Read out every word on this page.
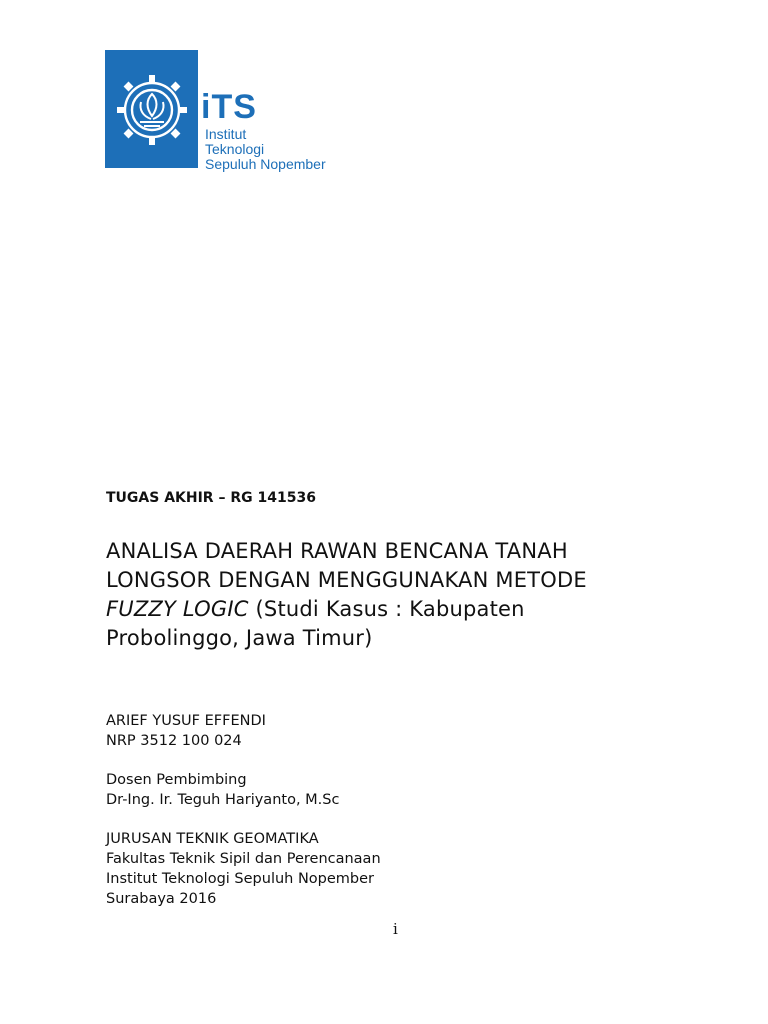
iTS
Institut
Teknologi
Sepuluh Nopember
TUGAS AKHIR – RG 141536
ANALISA DAERAH RAWAN BENCANA TANAH
LONGSOR DENGAN MENGGUNAKAN METODE
FUZZY LOGIC (Studi Kasus : Kabupaten
Probolinggo, Jawa Timur)
ARIEF YUSUF EFFENDI
NRP 3512 100 024
Dosen Pembimbing
Dr-Ing. Ir. Teguh Hariyanto, M.Sc
JURUSAN TEKNIK GEOMATIKA
Fakultas Teknik Sipil dan Perencanaan
Institut Teknologi Sepuluh Nopember
Surabaya 2016
i
